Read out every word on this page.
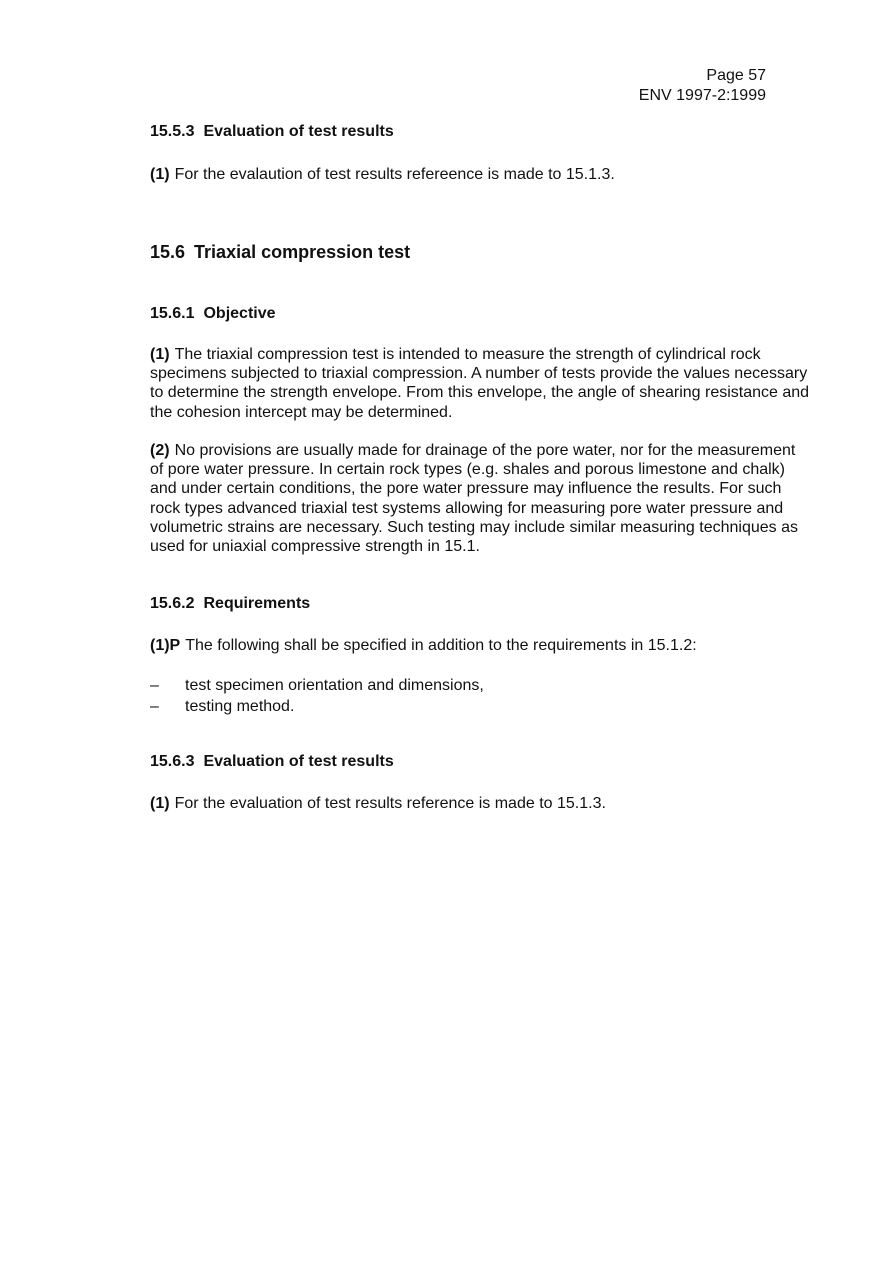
Page 57
ENV 1997-2:1999
15.5.3 Evaluation of test results
(1) For the evalaution of test results refereence is made to 15.1.3.
15.6 Triaxial compression test
15.6.1 Objective
(1) The triaxial compression test is intended to measure the strength of cylindrical rock specimens subjected to triaxial compression. A number of tests provide the values necessary to determine the strength envelope. From this envelope, the angle of shearing resistance and the cohesion intercept may be determined.
(2) No provisions are usually made for drainage of the pore water, nor for the measurement of pore water pressure. In certain rock types (e.g. shales and porous limestone and chalk) and under certain conditions, the pore water pressure may influence the results. For such rock types advanced triaxial test systems allowing for measuring pore water pressure and volumetric strains are necessary. Such testing may include similar measuring techniques as used for uniaxial compressive strength in 15.1.
15.6.2 Requirements
(1)P The following shall be specified in addition to the requirements in 15.1.2:
– test specimen orientation and dimensions,
– testing method.
15.6.3 Evaluation of test results
(1) For the evaluation of test results reference is made to 15.1.3.
